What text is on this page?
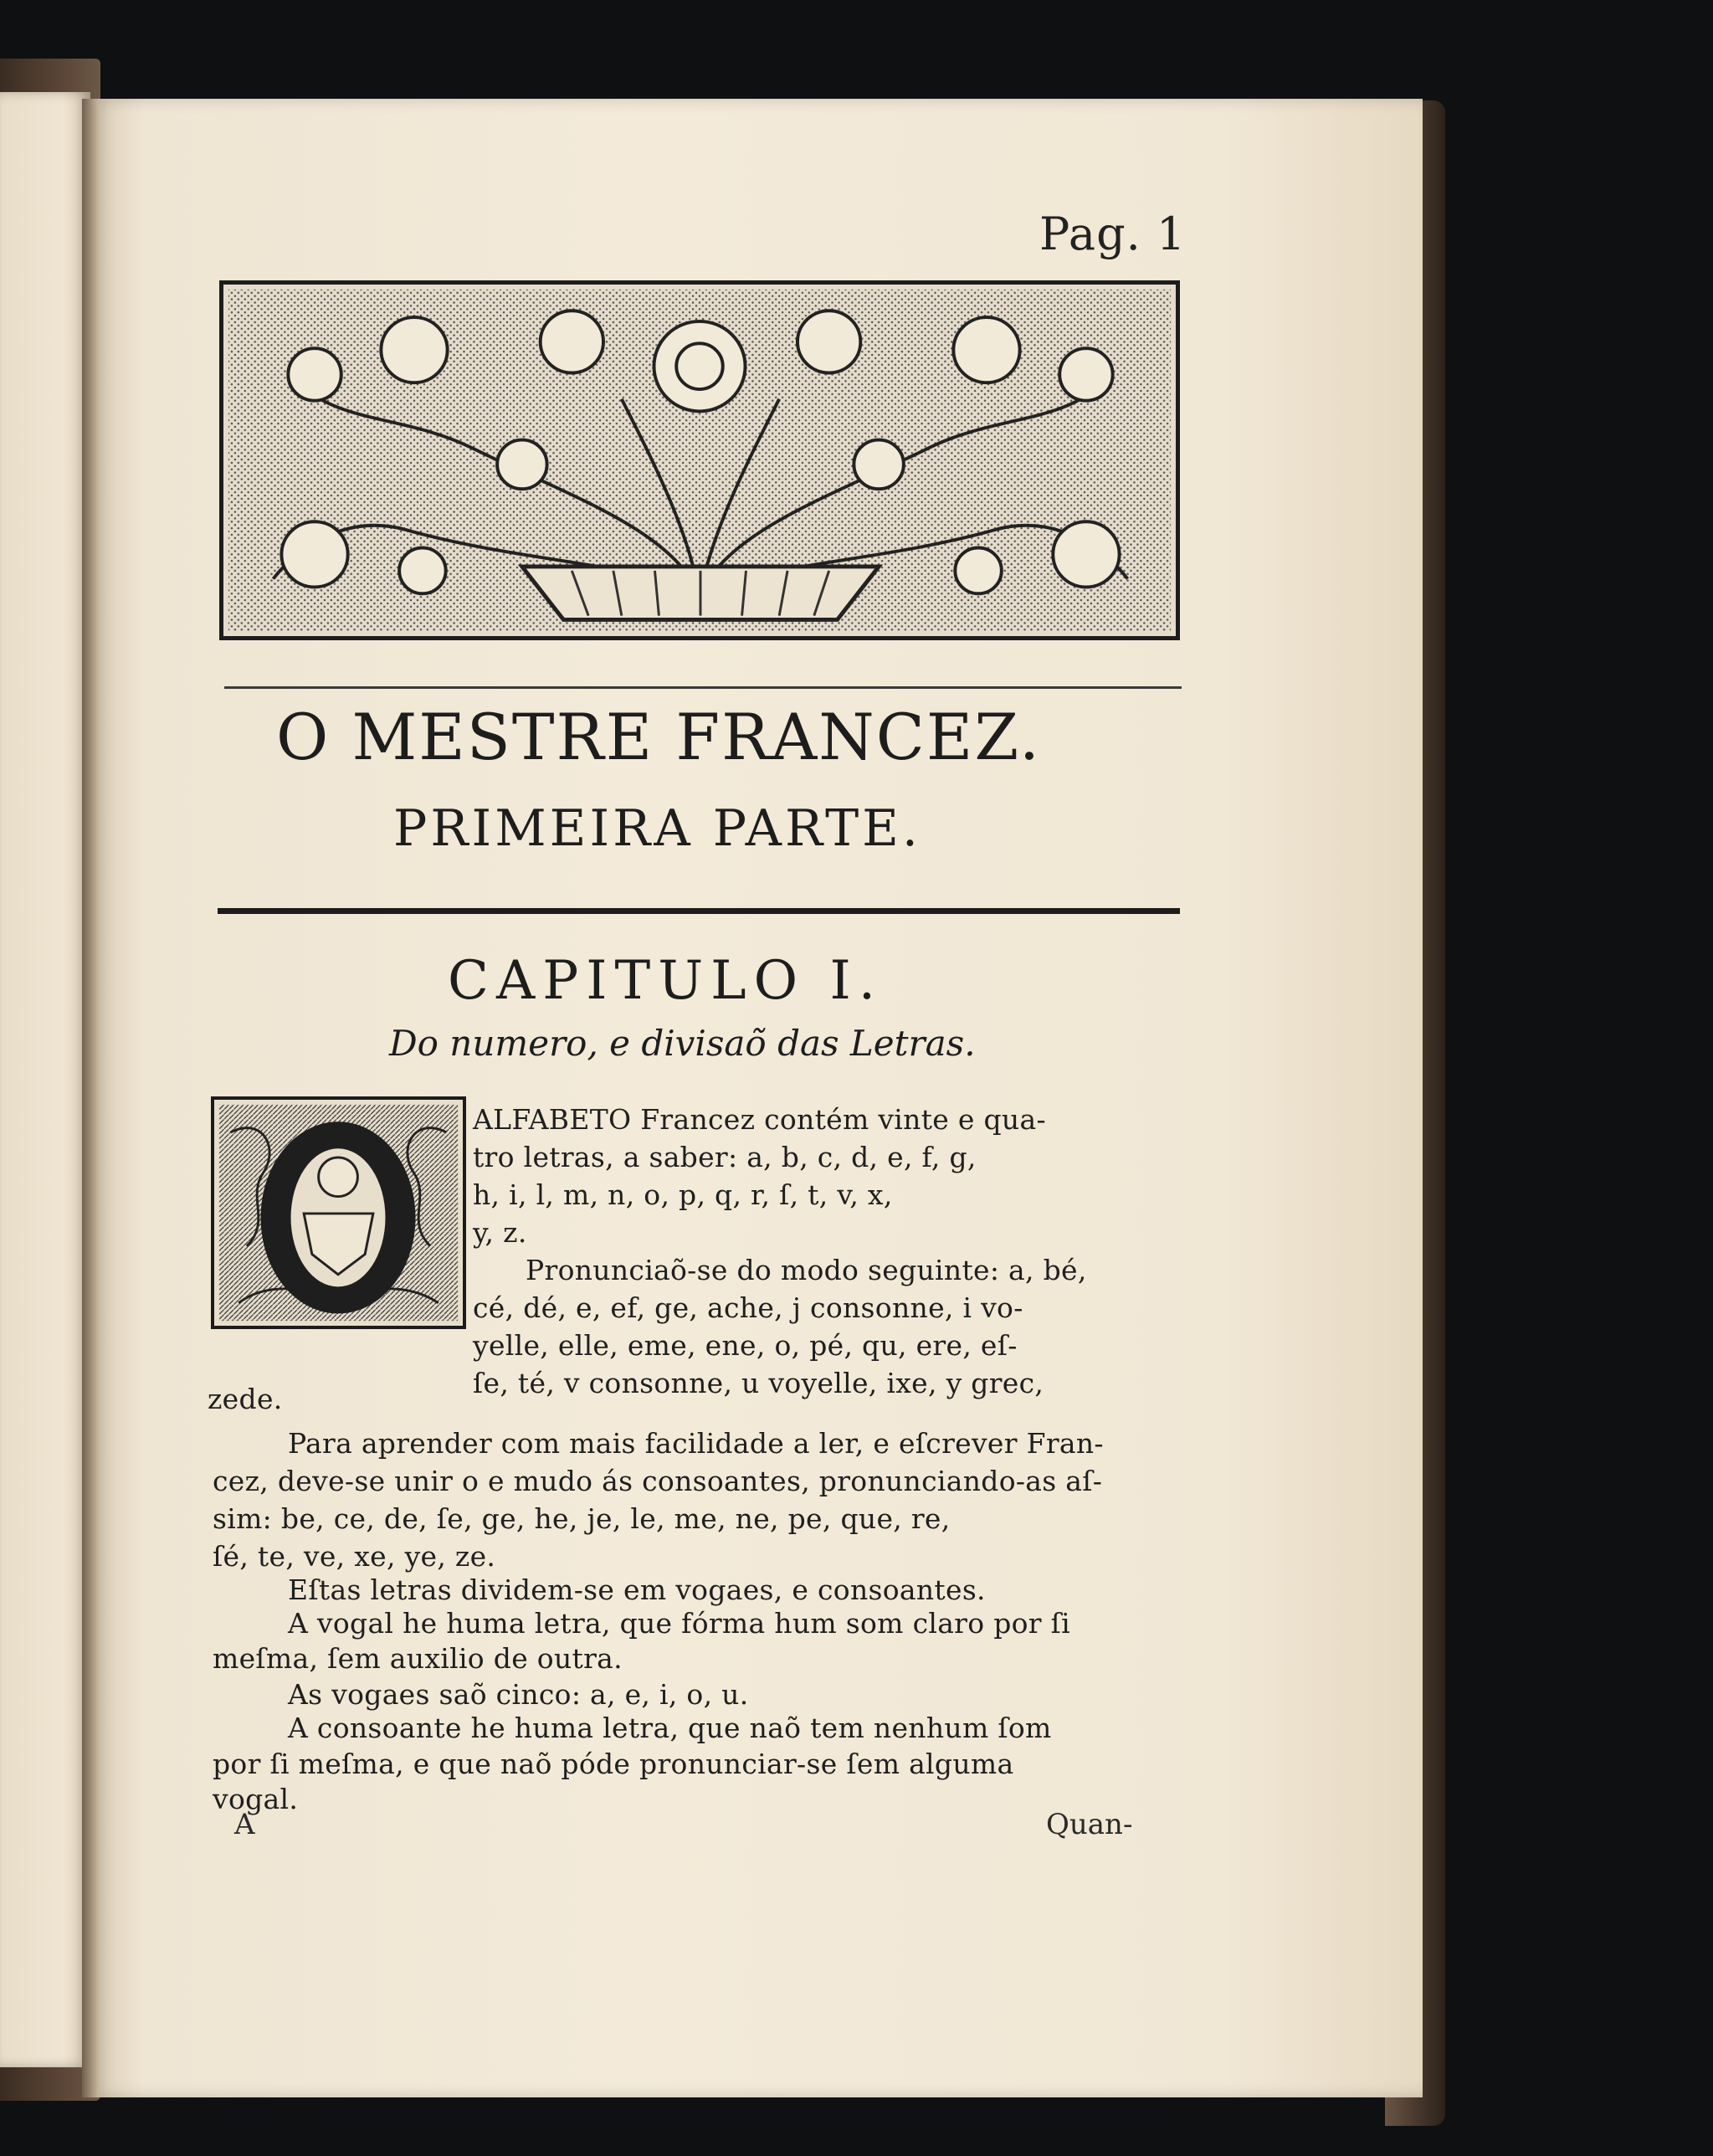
Pag. 1
O MESTRE FRANCEZ.
PRIMEIRA PARTE.
CAPITULO I.
Do numero, e divisaõ das Letras.
ALFABETO Francez contém vinte e qua-
tro letras, a saber: a, b, c, d, e, f, g,
h, i, l, m, n, o, p, q, r, ſ, t, v, x,
y, z.
Pronunciaõ-se do modo seguinte: a, bé,
cé, dé, e, ef, ge, ache, j consonne, i vo-
yelle, elle, eme, ene, o, pé, qu, ere, eſ-
ſe, té, v consonne, u voyelle, ixe, y grec,
zede.
Para aprender com mais facilidade a ler, e eſcrever Fran-
cez, deve-se unir o e mudo ás consoantes, pronunciando-as aſ-
sim: be, ce, de, ſe, ge, he, je, le, me, ne, pe, que, re,
ſé, te, ve, xe, ye, ze.
Eſtas letras dividem-se em vogaes, e consoantes.
A vogal he huma letra, que fórma hum som claro por ſi
meſma, ſem auxilio de outra.
As vogaes saõ cinco: a, e, i, o, u.
A consoante he huma letra, que naõ tem nenhum ſom
por ſi meſma, e que naõ póde pronunciar-se ſem alguma
vogal.
A	Quan-
